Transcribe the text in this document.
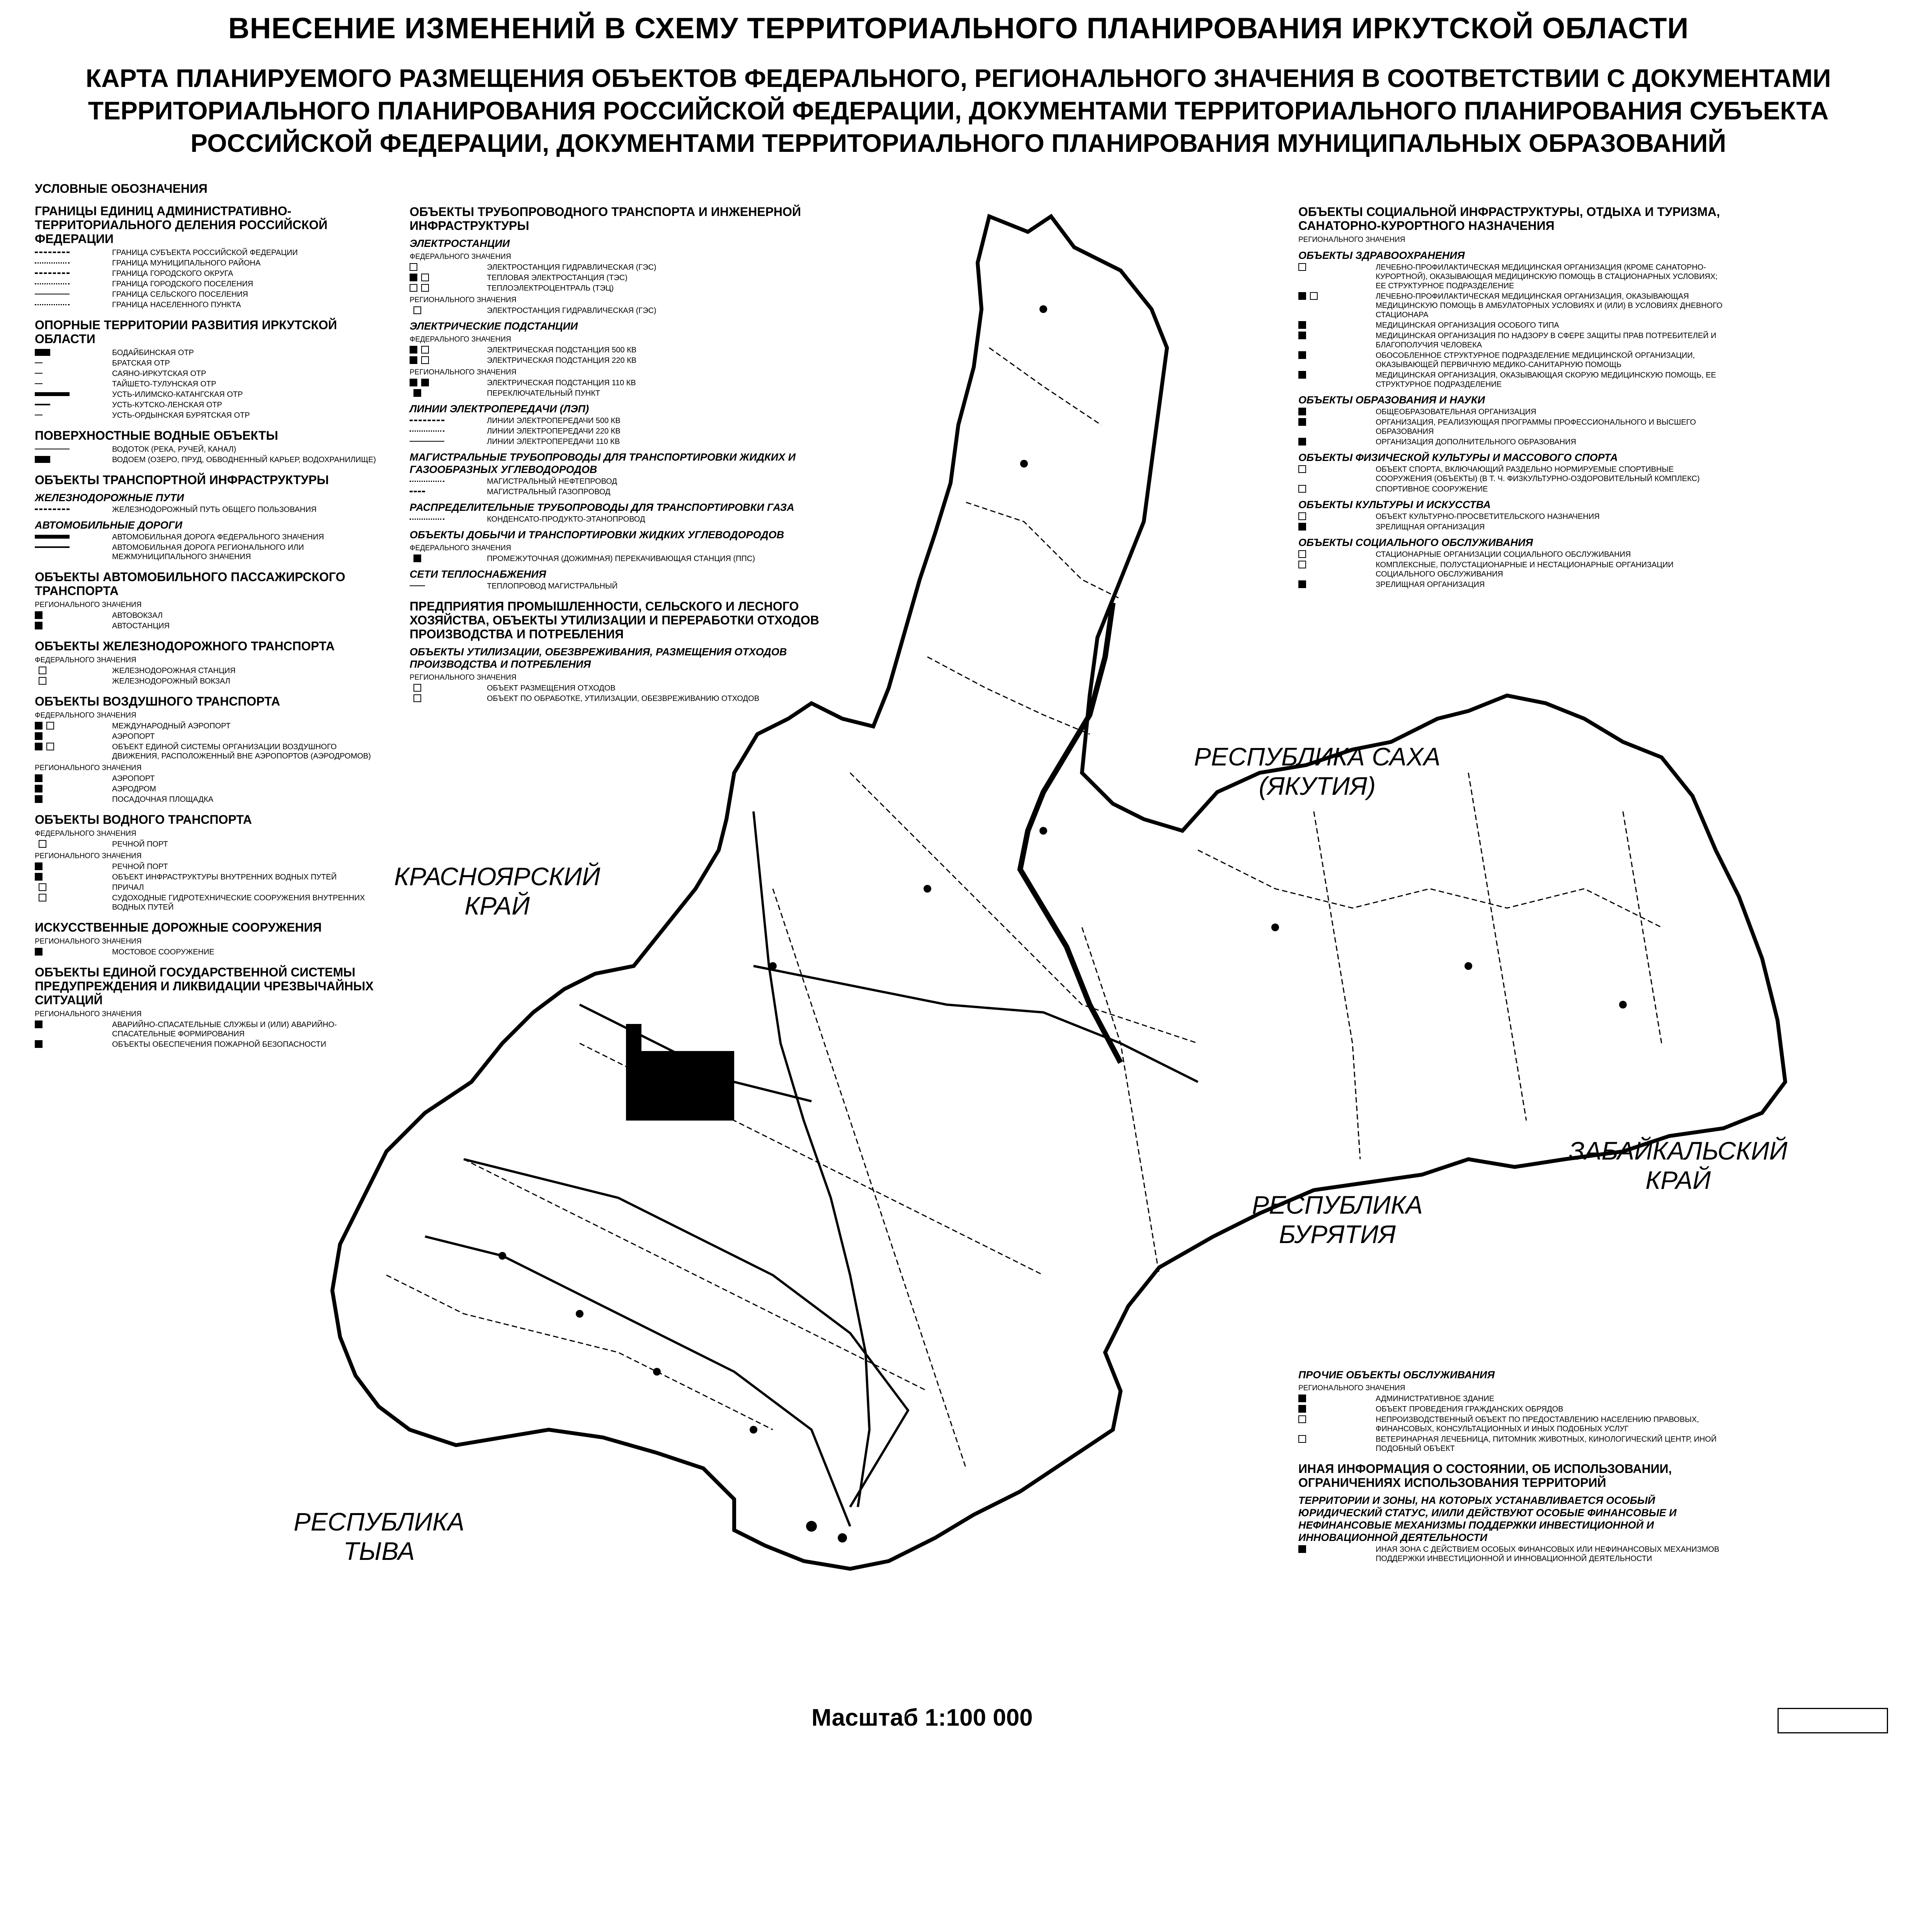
ВНЕСЕНИЕ ИЗМЕНЕНИЙ В СХЕМУ ТЕРРИТОРИАЛЬНОГО ПЛАНИРОВАНИЯ ИРКУТСКОЙ ОБЛАСТИ
КАРТА ПЛАНИРУЕМОГО РАЗМЕЩЕНИЯ ОБЪЕКТОВ ФЕДЕРАЛЬНОГО, РЕГИОНАЛЬНОГО ЗНАЧЕНИЯ В СООТВЕТСТВИИ С ДОКУМЕНТАМИ ТЕРРИТОРИАЛЬНОГО ПЛАНИРОВАНИЯ РОССИЙСКОЙ ФЕДЕРАЦИИ, ДОКУМЕНТАМИ ТЕРРИТОРИАЛЬНОГО ПЛАНИРОВАНИЯ СУБЪЕКТА РОССИЙСКОЙ ФЕДЕРАЦИИ, ДОКУМЕНТАМИ ТЕРРИТОРИАЛЬНОГО ПЛАНИРОВАНИЯ МУНИЦИПАЛЬНЫХ ОБРАЗОВАНИЙ
УСЛОВНЫЕ ОБОЗНАЧЕНИЯ
ГРАНИЦЫ ЕДИНИЦ АДМИНИСТРАТИВНО-ТЕРРИТОРИАЛЬНОГО ДЕЛЕНИЯ РОССИЙСКОЙ ФЕДЕРАЦИИ
ГРАНИЦА СУБЪЕКТА РОССИЙСКОЙ ФЕДЕРАЦИИ
ГРАНИЦА МУНИЦИПАЛЬНОГО РАЙОНА
ГРАНИЦА ГОРОДСКОГО ОКРУГА
ГРАНИЦА ГОРОДСКОГО ПОСЕЛЕНИЯ
ГРАНИЦА СЕЛЬСКОГО ПОСЕЛЕНИЯ
ГРАНИЦА НАСЕЛЕННОГО ПУНКТА
ОПОРНЫЕ ТЕРРИТОРИИ РАЗВИТИЯ ИРКУТСКОЙ ОБЛАСТИ
БОДАЙБИНСКАЯ ОТР
БРАТСКАЯ ОТР
САЯНО-ИРКУТСКАЯ ОТР
ТАЙШЕТО-ТУЛУНСКАЯ ОТР
УСТЬ-ИЛИМСКО-КАТАНГСКАЯ ОТР
УСТЬ-КУТСКО-ЛЕНСКАЯ ОТР
УСТЬ-ОРДЫНСКАЯ БУРЯТСКАЯ ОТР
ПОВЕРХНОСТНЫЕ ВОДНЫЕ ОБЪЕКТЫ
ВОДОТОК (РЕКА, РУЧЕЙ, КАНАЛ)
ВОДОЕМ (ОЗЕРО, ПРУД, ОБВОДНЕННЫЙ КАРЬЕР, ВОДОХРАНИЛИЩЕ)
ОБЪЕКТЫ ТРАНСПОРТНОЙ ИНФРАСТРУКТУРЫ
ЖЕЛЕЗНОДОРОЖНЫЕ ПУТИ
ЖЕЛЕЗНОДОРОЖНЫЙ ПУТЬ ОБЩЕГО ПОЛЬЗОВАНИЯ
АВТОМОБИЛЬНЫЕ ДОРОГИ
АВТОМОБИЛЬНАЯ ДОРОГА ФЕДЕРАЛЬНОГО ЗНАЧЕНИЯ
АВТОМОБИЛЬНАЯ ДОРОГА РЕГИОНАЛЬНОГО ИЛИ МЕЖМУНИЦИПАЛЬНОГО ЗНАЧЕНИЯ
ОБЪЕКТЫ АВТОМОБИЛЬНОГО ПАССАЖИРСКОГО ТРАНСПОРТА
РЕГИОНАЛЬНОГО ЗНАЧЕНИЯ
АВТОВОКЗАЛ
АВТОСТАНЦИЯ
ОБЪЕКТЫ ЖЕЛЕЗНОДОРОЖНОГО ТРАНСПОРТА
ФЕДЕРАЛЬНОГО ЗНАЧЕНИЯ
ЖЕЛЕЗНОДОРОЖНАЯ СТАНЦИЯ
ЖЕЛЕЗНОДОРОЖНЫЙ ВОКЗАЛ
ОБЪЕКТЫ ВОЗДУШНОГО ТРАНСПОРТА
ФЕДЕРАЛЬНОГО ЗНАЧЕНИЯ
МЕЖДУНАРОДНЫЙ АЭРОПОРТ
АЭРОПОРТ
ОБЪЕКТ ЕДИНОЙ СИСТЕМЫ ОРГАНИЗАЦИИ ВОЗДУШНОГО ДВИЖЕНИЯ, РАСПОЛОЖЕННЫЙ ВНЕ АЭРОПОРТОВ (АЭРОДРОМОВ)
РЕГИОНАЛЬНОГО ЗНАЧЕНИЯ
АЭРОПОРТ
АЭРОДРОМ
ПОСАДОЧНАЯ ПЛОЩАДКА
ОБЪЕКТЫ ВОДНОГО ТРАНСПОРТА
ФЕДЕРАЛЬНОГО ЗНАЧЕНИЯ
РЕЧНОЙ ПОРТ
РЕГИОНАЛЬНОГО ЗНАЧЕНИЯ
РЕЧНОЙ ПОРТ
ОБЪЕКТ ИНФРАСТРУКТУРЫ ВНУТРЕННИХ ВОДНЫХ ПУТЕЙ
ПРИЧАЛ
СУДОХОДНЫЕ ГИДРОТЕХНИЧЕСКИЕ СООРУЖЕНИЯ ВНУТРЕННИХ ВОДНЫХ ПУТЕЙ
ИСКУССТВЕННЫЕ ДОРОЖНЫЕ СООРУЖЕНИЯ
РЕГИОНАЛЬНОГО ЗНАЧЕНИЯ
МОСТОВОЕ СООРУЖЕНИЕ
ОБЪЕКТЫ ЕДИНОЙ ГОСУДАРСТВЕННОЙ СИСТЕМЫ ПРЕДУПРЕЖДЕНИЯ И ЛИКВИДАЦИИ ЧРЕЗВЫЧАЙНЫХ СИТУАЦИЙ
РЕГИОНАЛЬНОГО ЗНАЧЕНИЯ
АВАРИЙНО-СПАСАТЕЛЬНЫЕ СЛУЖБЫ И (ИЛИ) АВАРИЙНО-СПАСАТЕЛЬНЫЕ ФОРМИРОВАНИЯ
ОБЪЕКТЫ ОБЕСПЕЧЕНИЯ ПОЖАРНОЙ БЕЗОПАСНОСТИ
ОБЪЕКТЫ ТРУБОПРОВОДНОГО ТРАНСПОРТА И ИНЖЕНЕРНОЙ ИНФРАСТРУКТУРЫ
ЭЛЕКТРОСТАНЦИИ
ФЕДЕРАЛЬНОГО ЗНАЧЕНИЯ
ЭЛЕКТРОСТАНЦИЯ ГИДРАВЛИЧЕСКАЯ (ГЭС)
ТЕПЛОВАЯ ЭЛЕКТРОСТАНЦИЯ (ТЭС)
ТЕПЛОЭЛЕКТРОЦЕНТРАЛЬ (ТЭЦ)
РЕГИОНАЛЬНОГО ЗНАЧЕНИЯ
ЭЛЕКТРОСТАНЦИЯ ГИДРАВЛИЧЕСКАЯ (ГЭС)
ЭЛЕКТРИЧЕСКИЕ ПОДСТАНЦИИ
ФЕДЕРАЛЬНОГО ЗНАЧЕНИЯ
ЭЛЕКТРИЧЕСКАЯ ПОДСТАНЦИЯ 500 КВ
ЭЛЕКТРИЧЕСКАЯ ПОДСТАНЦИЯ 220 КВ
РЕГИОНАЛЬНОГО ЗНАЧЕНИЯ
ЭЛЕКТРИЧЕСКАЯ ПОДСТАНЦИЯ 110 КВ
ПЕРЕКЛЮЧАТЕЛЬНЫЙ ПУНКТ
ЛИНИИ ЭЛЕКТРОПЕРЕДАЧИ (ЛЭП)
ЛИНИИ ЭЛЕКТРОПЕРЕДАЧИ 500 КВ
ЛИНИИ ЭЛЕКТРОПЕРЕДАЧИ 220 КВ
ЛИНИИ ЭЛЕКТРОПЕРЕДАЧИ 110 КВ
МАГИСТРАЛЬНЫЕ ТРУБОПРОВОДЫ ДЛЯ ТРАНСПОРТИРОВКИ ЖИДКИХ И ГАЗООБРАЗНЫХ УГЛЕВОДОРОДОВ
МАГИСТРАЛЬНЫЙ НЕФТЕПРОВОД
МАГИСТРАЛЬНЫЙ ГАЗОПРОВОД
РАСПРЕДЕЛИТЕЛЬНЫЕ ТРУБОПРОВОДЫ ДЛЯ ТРАНСПОРТИРОВКИ ГАЗА
КОНДЕНСАТО-ПРОДУКТО-ЭТАНОПРОВОД
ОБЪЕКТЫ ДОБЫЧИ И ТРАНСПОРТИРОВКИ ЖИДКИХ УГЛЕВОДОРОДОВ
ФЕДЕРАЛЬНОГО ЗНАЧЕНИЯ
ПРОМЕЖУТОЧНАЯ (ДОЖИМНАЯ) ПЕРЕКАЧИВАЮЩАЯ СТАНЦИЯ (ППС)
СЕТИ ТЕПЛОСНАБЖЕНИЯ
ТЕПЛОПРОВОД МАГИСТРАЛЬНЫЙ
ПРЕДПРИЯТИЯ ПРОМЫШЛЕННОСТИ, СЕЛЬСКОГО И ЛЕСНОГО ХОЗЯЙСТВА, ОБЪЕКТЫ УТИЛИЗАЦИИ И ПЕРЕРАБОТКИ ОТХОДОВ ПРОИЗВОДСТВА И ПОТРЕБЛЕНИЯ
ОБЪЕКТЫ УТИЛИЗАЦИИ, ОБЕЗВРЕЖИВАНИЯ, РАЗМЕЩЕНИЯ ОТХОДОВ ПРОИЗВОДСТВА И ПОТРЕБЛЕНИЯ
РЕГИОНАЛЬНОГО ЗНАЧЕНИЯ
ОБЪЕКТ РАЗМЕЩЕНИЯ ОТХОДОВ
ОБЪЕКТ ПО ОБРАБОТКЕ, УТИЛИЗАЦИИ, ОБЕЗВРЕЖИВАНИЮ ОТХОДОВ
ОБЪЕКТЫ СОЦИАЛЬНОЙ ИНФРАСТРУКТУРЫ, ОТДЫХА И ТУРИЗМА, САНАТОРНО-КУРОРТНОГО НАЗНАЧЕНИЯ
РЕГИОНАЛЬНОГО ЗНАЧЕНИЯ
ОБЪЕКТЫ ЗДРАВООХРАНЕНИЯ
ЛЕЧЕБНО-ПРОФИЛАКТИЧЕСКАЯ МЕДИЦИНСКАЯ ОРГАНИЗАЦИЯ (КРОМЕ САНАТОРНО-КУРОРТНОЙ), ОКАЗЫВАЮЩАЯ МЕДИЦИНСКУЮ ПОМОЩЬ В СТАЦИОНАРНЫХ УСЛОВИЯХ; ЕЕ СТРУКТУРНОЕ ПОДРАЗДЕЛЕНИЕ
ЛЕЧЕБНО-ПРОФИЛАКТИЧЕСКАЯ МЕДИЦИНСКАЯ ОРГАНИЗАЦИЯ, ОКАЗЫВАЮЩАЯ МЕДИЦИНСКУЮ ПОМОЩЬ В АМБУЛАТОРНЫХ УСЛОВИЯХ И (ИЛИ) В УСЛОВИЯХ ДНЕВНОГО СТАЦИОНАРА
МЕДИЦИНСКАЯ ОРГАНИЗАЦИЯ ОСОБОГО ТИПА
МЕДИЦИНСКАЯ ОРГАНИЗАЦИЯ ПО НАДЗОРУ В СФЕРЕ ЗАЩИТЫ ПРАВ ПОТРЕБИТЕЛЕЙ И БЛАГОПОЛУЧИЯ ЧЕЛОВЕКА
ОБОСОБЛЕННОЕ СТРУКТУРНОЕ ПОДРАЗДЕЛЕНИЕ МЕДИЦИНСКОЙ ОРГАНИЗАЦИИ, ОКАЗЫВАЮЩЕЙ ПЕРВИЧНУЮ МЕДИКО-САНИТАРНУЮ ПОМОЩЬ
МЕДИЦИНСКАЯ ОРГАНИЗАЦИЯ, ОКАЗЫВАЮЩАЯ СКОРУЮ МЕДИЦИНСКУЮ ПОМОЩЬ, ЕЕ СТРУКТУРНОЕ ПОДРАЗДЕЛЕНИЕ
ОБЪЕКТЫ ОБРАЗОВАНИЯ И НАУКИ
ОБЩЕОБРАЗОВАТЕЛЬНАЯ ОРГАНИЗАЦИЯ
ОРГАНИЗАЦИЯ, РЕАЛИЗУЮЩАЯ ПРОГРАММЫ ПРОФЕССИОНАЛЬНОГО И ВЫСШЕГО ОБРАЗОВАНИЯ
ОРГАНИЗАЦИЯ ДОПОЛНИТЕЛЬНОГО ОБРАЗОВАНИЯ
ОБЪЕКТЫ ФИЗИЧЕСКОЙ КУЛЬТУРЫ И МАССОВОГО СПОРТА
ОБЪЕКТ СПОРТА, ВКЛЮЧАЮЩИЙ РАЗДЕЛЬНО НОРМИРУЕМЫЕ СПОРТИВНЫЕ СООРУЖЕНИЯ (ОБЪЕКТЫ) (В Т. Ч. ФИЗКУЛЬТУРНО-ОЗДОРОВИТЕЛЬНЫЙ КОМПЛЕКС)
СПОРТИВНОЕ СООРУЖЕНИЕ
ОБЪЕКТЫ КУЛЬТУРЫ И ИСКУССТВА
ОБЪЕКТ КУЛЬТУРНО-ПРОСВЕТИТЕЛЬСКОГО НАЗНАЧЕНИЯ
ЗРЕЛИЩНАЯ ОРГАНИЗАЦИЯ
ОБЪЕКТЫ СОЦИАЛЬНОГО ОБСЛУЖИВАНИЯ
СТАЦИОНАРНЫЕ ОРГАНИЗАЦИИ СОЦИАЛЬНОГО ОБСЛУЖИВАНИЯ
КОМПЛЕКСНЫЕ, ПОЛУСТАЦИОНАРНЫЕ И НЕСТАЦИОНАРНЫЕ ОРГАНИЗАЦИИ СОЦИАЛЬНОГО ОБСЛУЖИВАНИЯ
ЗРЕЛИЩНАЯ ОРГАНИЗАЦИЯ
ПРОЧИЕ ОБЪЕКТЫ ОБСЛУЖИВАНИЯ
РЕГИОНАЛЬНОГО ЗНАЧЕНИЯ
АДМИНИСТРАТИВНОЕ ЗДАНИЕ
ОБЪЕКТ ПРОВЕДЕНИЯ ГРАЖДАНСКИХ ОБРЯДОВ
НЕПРОИЗВОДСТВЕННЫЙ ОБЪЕКТ ПО ПРЕДОСТАВЛЕНИЮ НАСЕЛЕНИЮ ПРАВОВЫХ, ФИНАНСОВЫХ, КОНСУЛЬТАЦИОННЫХ И ИНЫХ ПОДОБНЫХ УСЛУГ
ВЕТЕРИНАРНАЯ ЛЕЧЕБНИЦА, ПИТОМНИК ЖИВОТНЫХ, КИНОЛОГИЧЕСКИЙ ЦЕНТР, ИНОЙ ПОДОБНЫЙ ОБЪЕКТ
ИНАЯ ИНФОРМАЦИЯ О СОСТОЯНИИ, ОБ ИСПОЛЬЗОВАНИИ, ОГРАНИЧЕНИЯХ ИСПОЛЬЗОВАНИЯ ТЕРРИТОРИЙ
ТЕРРИТОРИИ И ЗОНЫ, НА КОТОРЫХ УСТАНАВЛИВАЕТСЯ ОСОБЫЙ ЮРИДИЧЕСКИЙ СТАТУС, И/ИЛИ ДЕЙСТВУЮТ ОСОБЫЕ ФИНАНСОВЫЕ И НЕФИНАНСОВЫЕ МЕХАНИЗМЫ ПОДДЕРЖКИ ИНВЕСТИЦИОННОЙ И ИННОВАЦИОННОЙ ДЕЯТЕЛЬНОСТИ
ИНАЯ ЗОНА С ДЕЙСТВИЕМ ОСОБЫХ ФИНАНСОВЫХ ИЛИ НЕФИНАНСОВЫХ МЕХАНИЗМОВ ПОДДЕРЖКИ ИНВЕСТИЦИОННОЙ И ИННОВАЦИОННОЙ ДЕЯТЕЛЬНОСТИ
КРАСНОЯРСКИЙ
КРАЙ
РЕСПУБЛИКА САХА
(ЯКУТИЯ)
ЗАБАЙКАЛЬСКИЙ
КРАЙ
РЕСПУБЛИКА
БУРЯТИЯ
РЕСПУБЛИКА
ТЫВА
Масштаб 1:100 000
